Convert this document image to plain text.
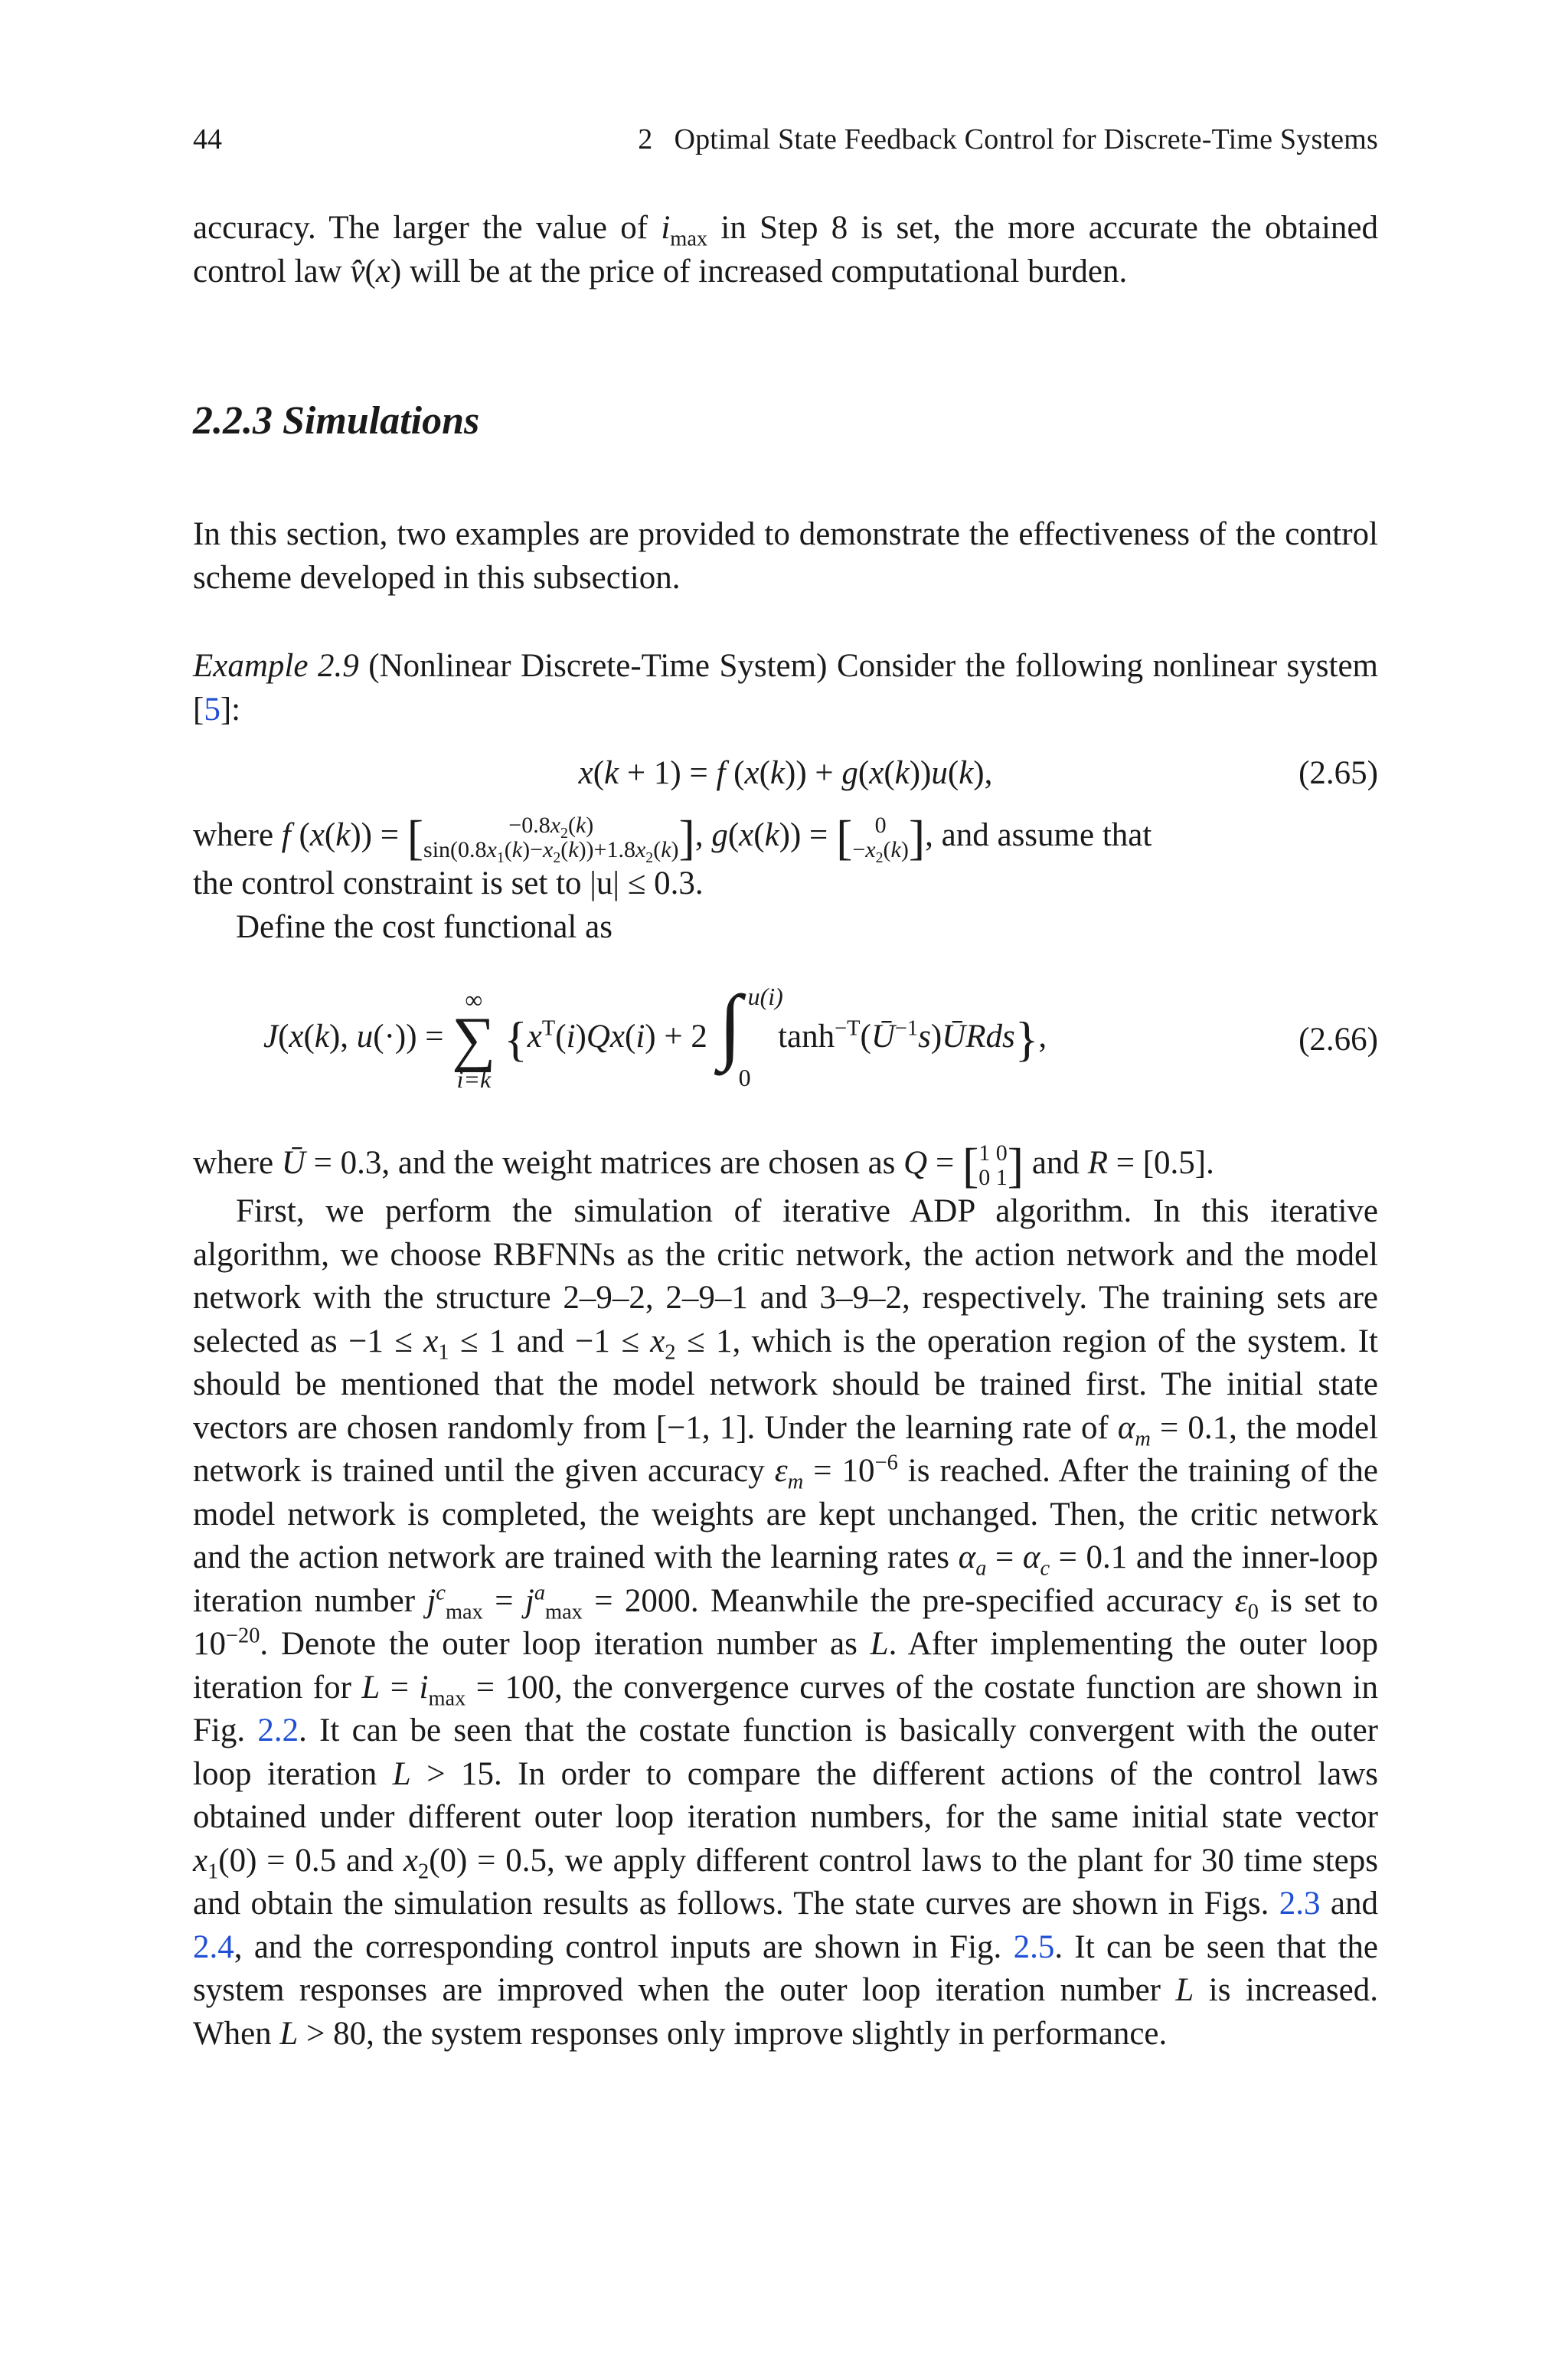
44	2 Optimal State Feedback Control for Discrete-Time Systems

accuracy. The larger the value of $i_{max}$ in Step 8 is set, the more accurate the obtained control law v̂(x) will be at the price of increased computational burden.

2.2.3 Simulations

In this section, two examples are provided to demonstrate the effectiveness of the control scheme developed in this subsection.

Example 2.9 (Nonlinear Discrete-Time System) Consider the following nonlinear system [5]:

x(k + 1) = f (x(k)) + g(x(k))u(k),	(2.65)

where f (x(k)) = [	$-0.8x_2(k)$
$\sin(0.8x_1(k)-x_2(k))+1.8x_2(k)$], g(x(k)) = [ 0
$-x_2(k)$], and assume that

the control constraint is set to |u| ≤ 0.3.

Define the cost functional as

J(x(k), u(·)) =
∞
∑
i=k
{$x^T(i)Qx(i) + 2$ ∫ u(i)
0
$\tanh^{-T}(Ū^{-1}s)ŪRds$},	(2.66)

where Ū = 0.3, and the weight matrices are chosen as Q = [1 0
0 1] and R = [0.5].

First, we perform the simulation of iterative ADP algorithm. In this iterative algorithm, we choose RBFNNs as the critic network, the action network and the model network with the structure 2–9–2, 2–9–1 and 3–9–2, respectively. The training sets are selected as $-1 \le x_1 \le 1$ and $-1 \le x_2 \le 1$, which is the operation region of the system. It should be mentioned that the model network should be trained first. The initial state vectors are chosen randomly from [−1, 1]. Under the learning rate of $\alpha_m = 0.1$, the model network is trained until the given accuracy $\varepsilon_m = 10^{-6}$ is reached. After the training of the model network is completed, the weights are kept unchanged. Then, the critic network and the action network are trained with the learning rates $\alpha_a = \alpha_c = 0.1$ and the inner-loop iteration number $j^c_{max} = j^a_{max} = 2000$. Meanwhile the pre-specified accuracy $\varepsilon_0$ is set to $10^{-20}$. Denote the outer loop iteration number as L. After implementing the outer loop iteration for $L = i_{max} = 100$, the convergence curves of the costate function are shown in Fig. 2.2. It can be seen that the costate function is basically convergent with the outer loop iteration L > 15. In order to compare the different actions of the control laws obtained under different outer loop iteration numbers, for the same initial state vector $x_1(0) = 0.5$ and $x_2(0) = 0.5$, we apply different control laws to the plant for 30 time steps and obtain the simulation results as follows. The state curves are shown in Figs. 2.3 and 2.4, and the corresponding control inputs are shown in Fig. 2.5. It can be seen that the system responses are improved when the outer loop iteration number L is increased. When L > 80, the system responses only improve slightly in performance.
